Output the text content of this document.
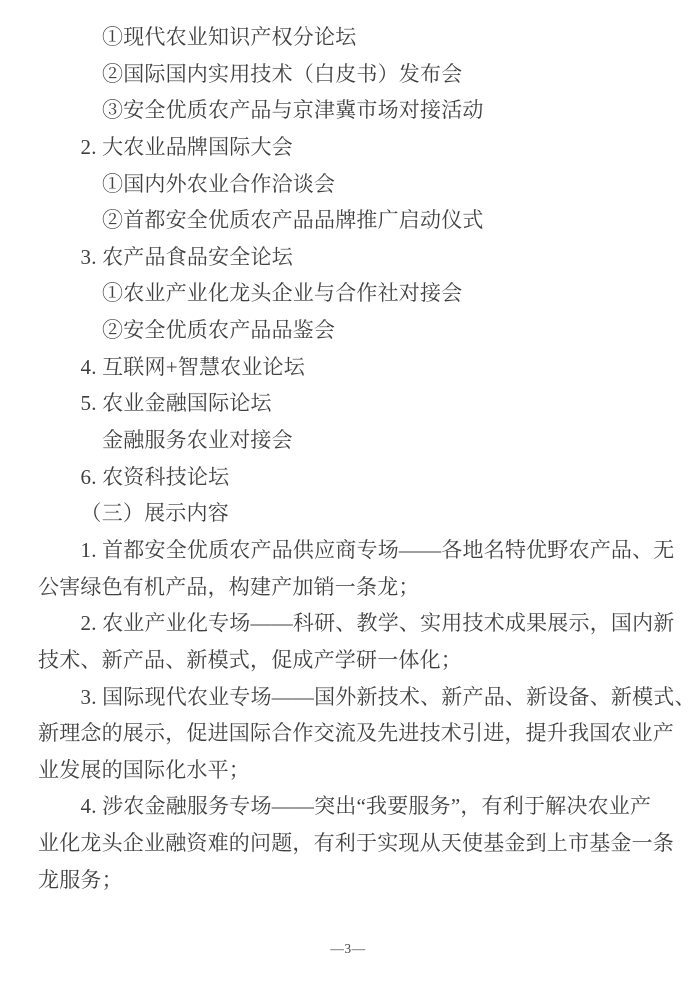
①现代农业知识产权分论坛
②国际国内实用技术（白皮书）发布会
③安全优质农产品与京津冀市场对接活动
2. 大农业品牌国际大会
①国内外农业合作洽谈会
②首都安全优质农产品品牌推广启动仪式
3. 农产品食品安全论坛
①农业产业化龙头企业与合作社对接会
②安全优质农产品品鉴会
4. 互联网+智慧农业论坛
5. 农业金融国际论坛
金融服务农业对接会
6. 农资科技论坛
（三）展示内容
1. 首都安全优质农产品供应商专场——各地名特优野农产品、无
公害绿色有机产品，构建产加销一条龙；
2. 农业产业化专场——科研、教学、实用技术成果展示，国内新
技术、新产品、新模式，促成产学研一体化；
3. 国际现代农业专场——国外新技术、新产品、新设备、新模式、
新理念的展示，促进国际合作交流及先进技术引进，提升我国农业产
业发展的国际化水平；
4. 涉农金融服务专场——突出“我要服务”，有利于解决农业产
业化龙头企业融资难的问题，有利于实现从天使基金到上市基金一条
龙服务；
—3—
